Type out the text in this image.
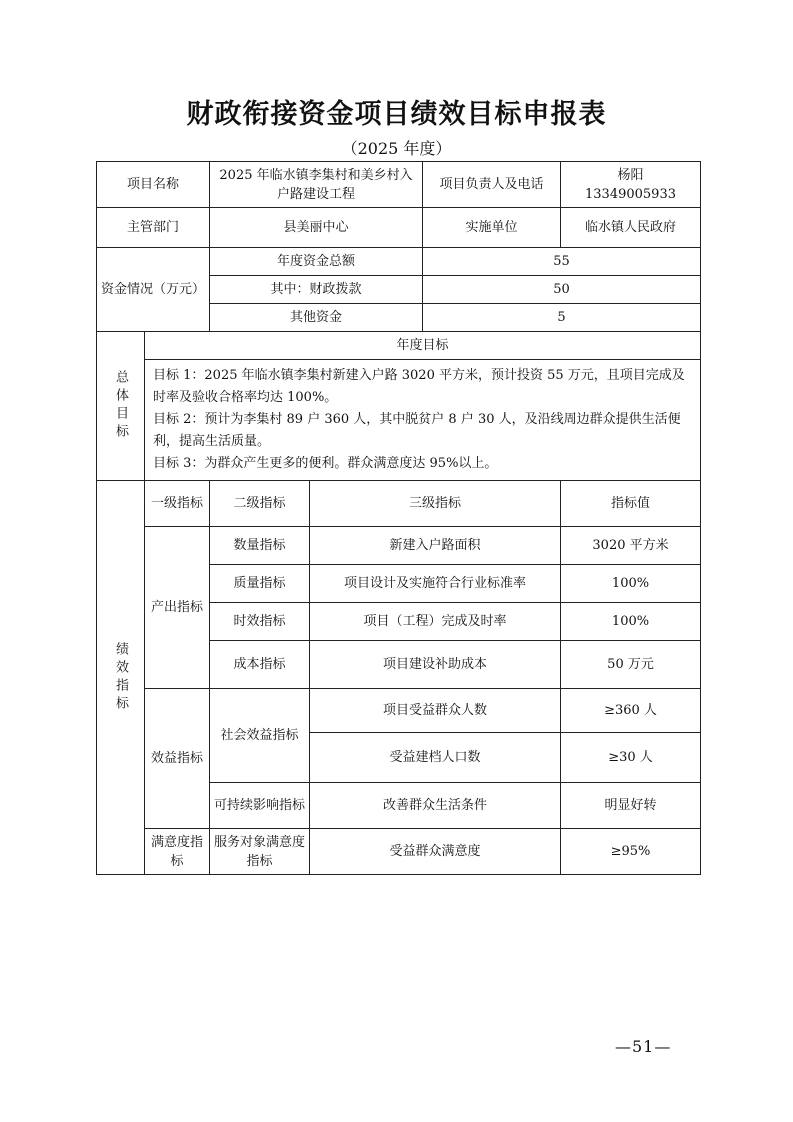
财政衔接资金项目绩效目标申报表

（2025 年度）

项目名称		2025 年临水镇李集村和美乡村入户路建设工程		项目负责人及电话	杨阳
13349005933

主管部门		县美丽中心		实施单位	临水镇人民政府
资金情况（万元）		年度资金总额		55	
		其中：财政拨款		50	
		其他资金		5	
总体目标	年度目标				

	目标 1：2025 年临水镇李集村新建入户路 3020 平方米，预计投资 55 万元，且项目完成及时率及验收合格率均达 100%。
目标 2：预计为李集村 89 户 360 人，其中脱贫户 8 户 30 人，及沿线周边群众提供生活便利，提高生活质量。
目标 3：为群众产生更多的便利。群众满意度达 95%以上。				

绩效指标	一级指标	二级指标	三级指标		指标值
	产出指标	数量指标	新建入户路面积		3020 平方米
		质量指标	项目设计及实施符合行业标准率		100%
		时效指标	项目（工程）完成及时率		100%
		成本指标	项目建设补助成本		50 万元
	效益指标	社会效益指标	项目受益群众人数		≥360 人
			受益建档人口数		≥30 人
		可持续影响指标	改善群众生活条件		明显好转
	满意度指标	服务对象满意度指标	受益群众满意度		≥95%
—51—
